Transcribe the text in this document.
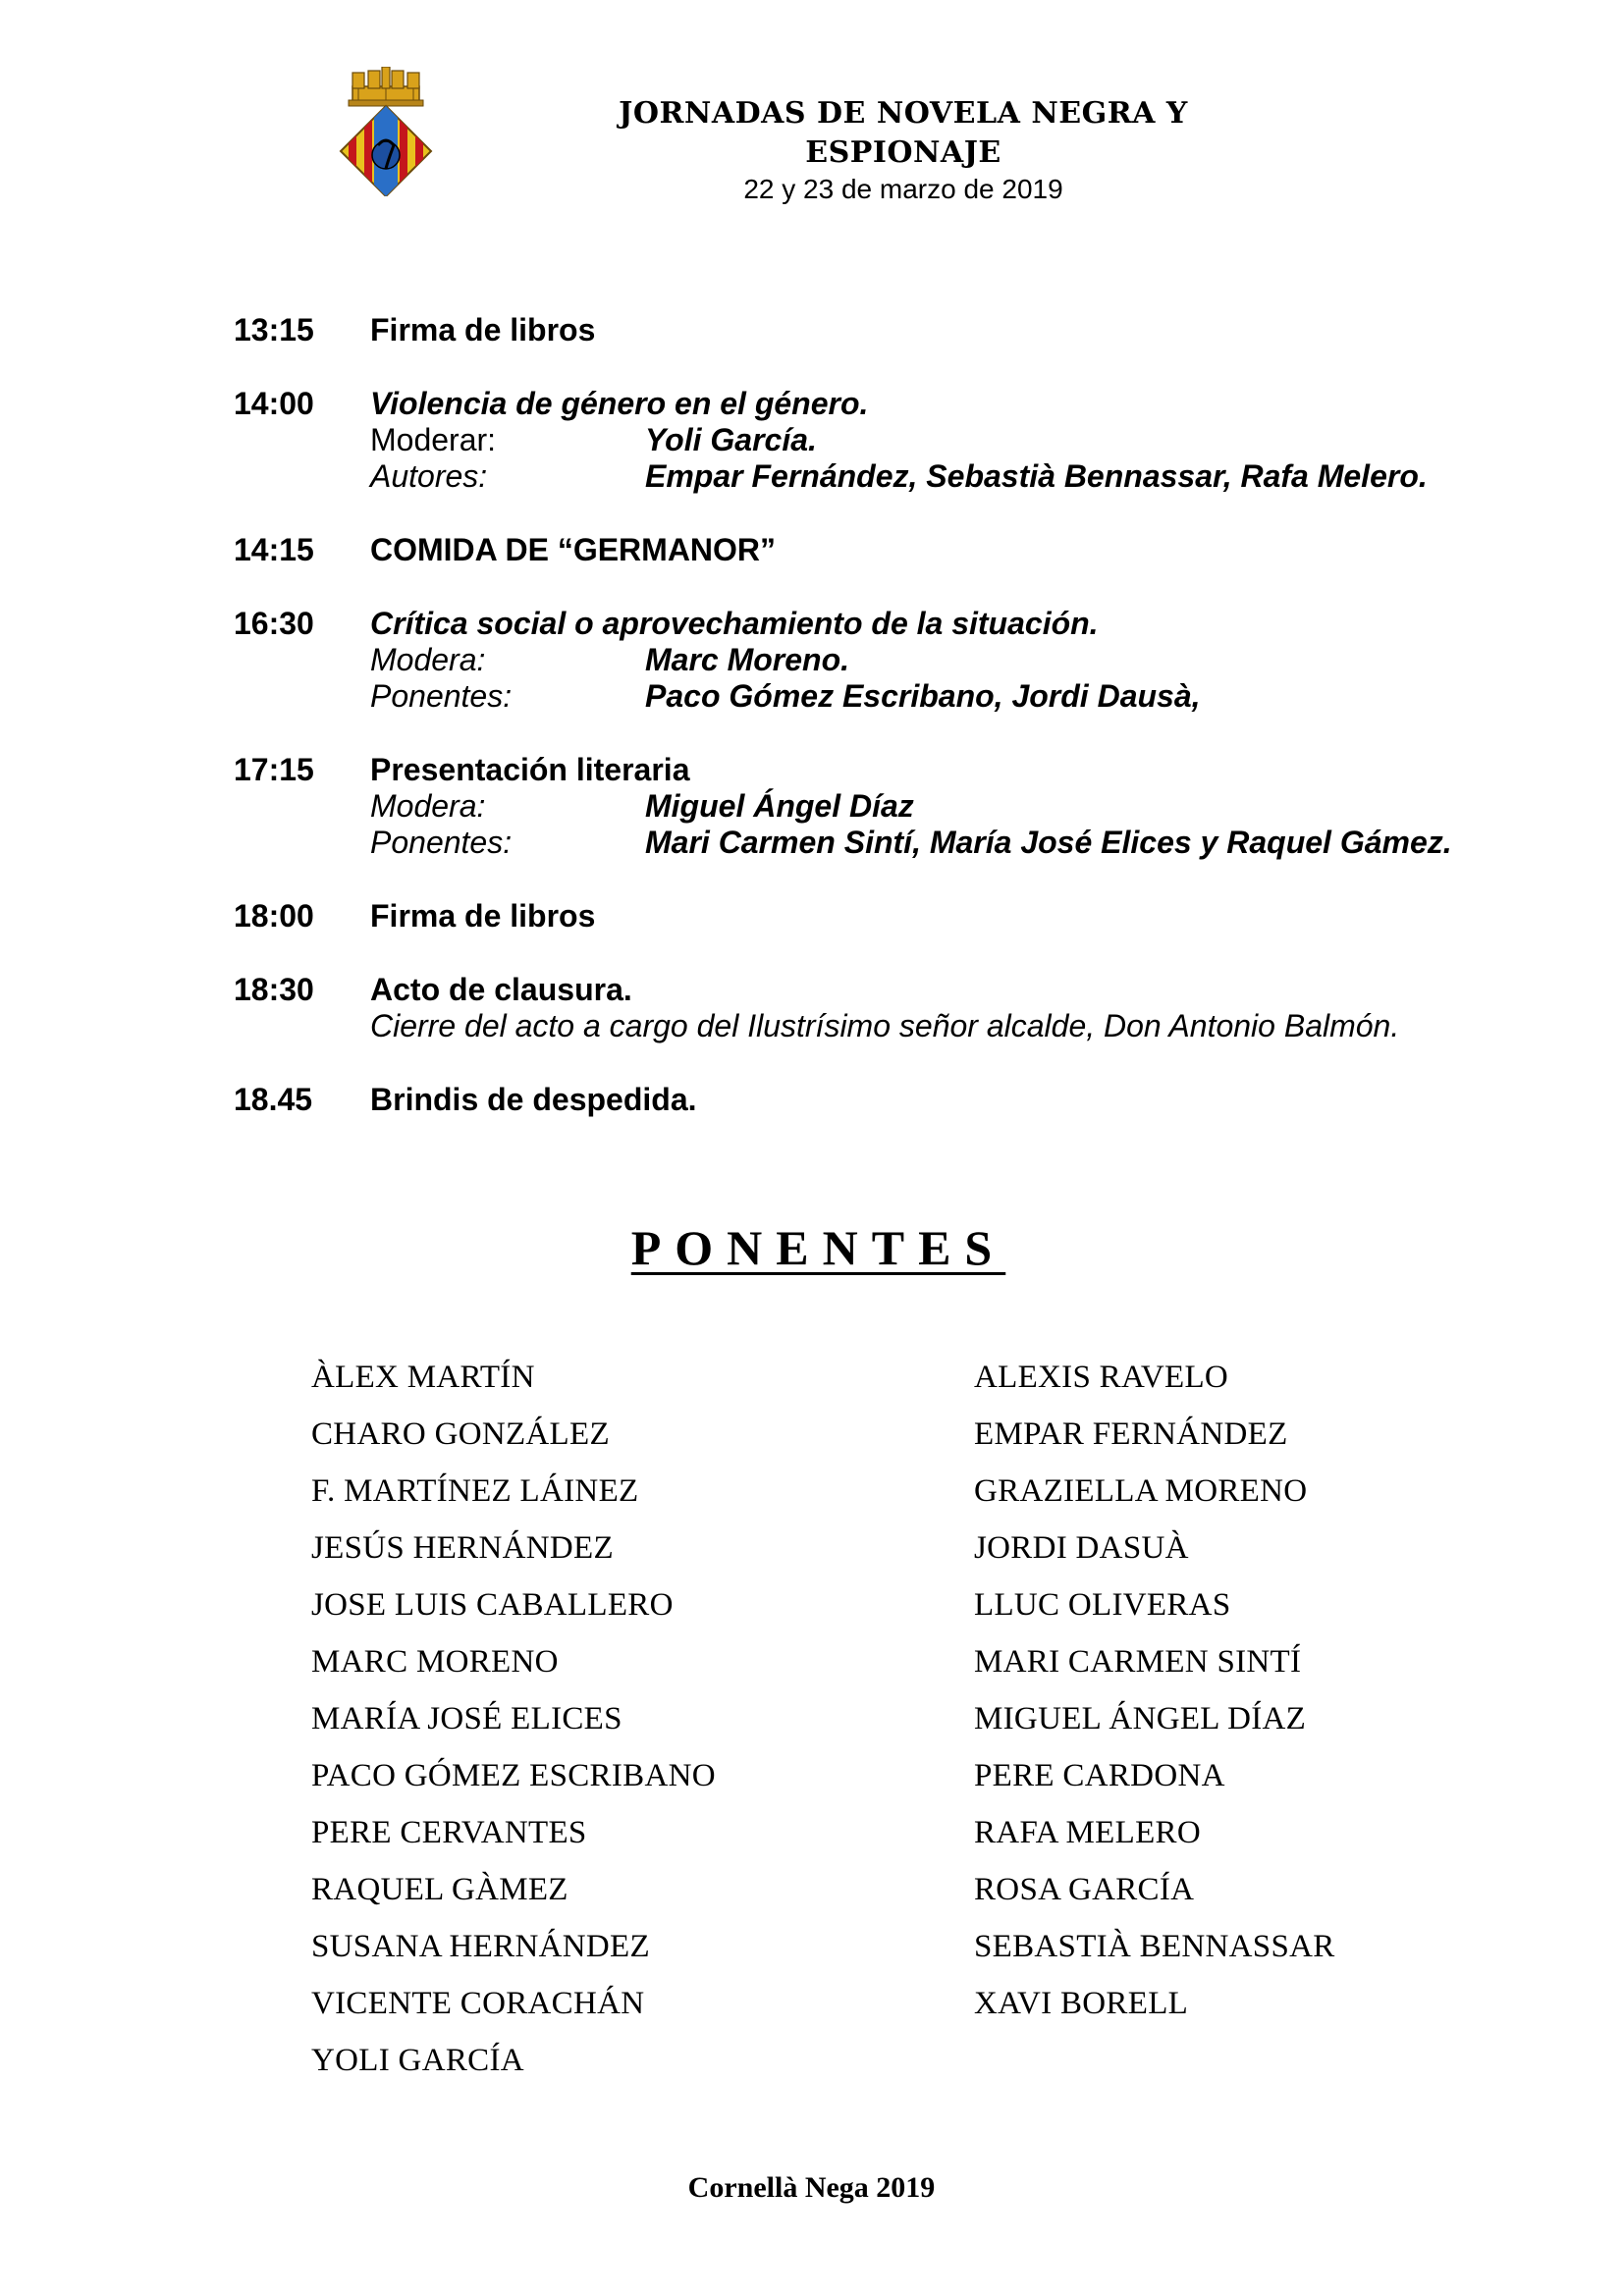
JORNADAS DE NOVELA NEGRA Y ESPIONAJE
22 y 23 de marzo de 2019
13:15	Firma de libros
14:00	Violencia de género en el género.
Moderar:	Yoli García.
Autores:	Empar Fernández, Sebastià Bennassar, Rafa Melero.
14:15	COMIDA DE “GERMANOR”
16:30	Crítica social o aprovechamiento de la situación.
Modera:	Marc Moreno.
Ponentes:	Paco Gómez Escribano, Jordi Dausà,
17:15	Presentación literaria
Modera:	Miguel Ángel Díaz
Ponentes:	Mari Carmen Sintí, María José Elices y Raquel Gámez.
18:00	Firma de libros
18:30	Acto de clausura.
Cierre del acto a cargo del Ilustrísimo señor alcalde, Don Antonio Balmón.
18.45	Brindis de despedida.
PONENTES
ÀLEX MARTÍN
CHARO GONZÁLEZ
F. MARTÍNEZ LÁINEZ
JESÚS HERNÁNDEZ
JOSE LUIS CABALLERO
MARC MORENO
MARÍA JOSÉ ELICES
PACO GÓMEZ ESCRIBANO
PERE CERVANTES
RAQUEL GÀMEZ
SUSANA HERNÁNDEZ
VICENTE CORACHÁN
YOLI GARCÍA
ALEXIS RAVELO
EMPAR FERNÁNDEZ
GRAZIELLA MORENO
JORDI DASUÀ
LLUC OLIVERAS
MARI CARMEN SINTÍ
MIGUEL ÁNGEL DÍAZ
PERE CARDONA
RAFA MELERO
ROSA GARCÍA
SEBASTIÀ BENNASSAR
XAVI BORELL
Cornellà Nega 2019
